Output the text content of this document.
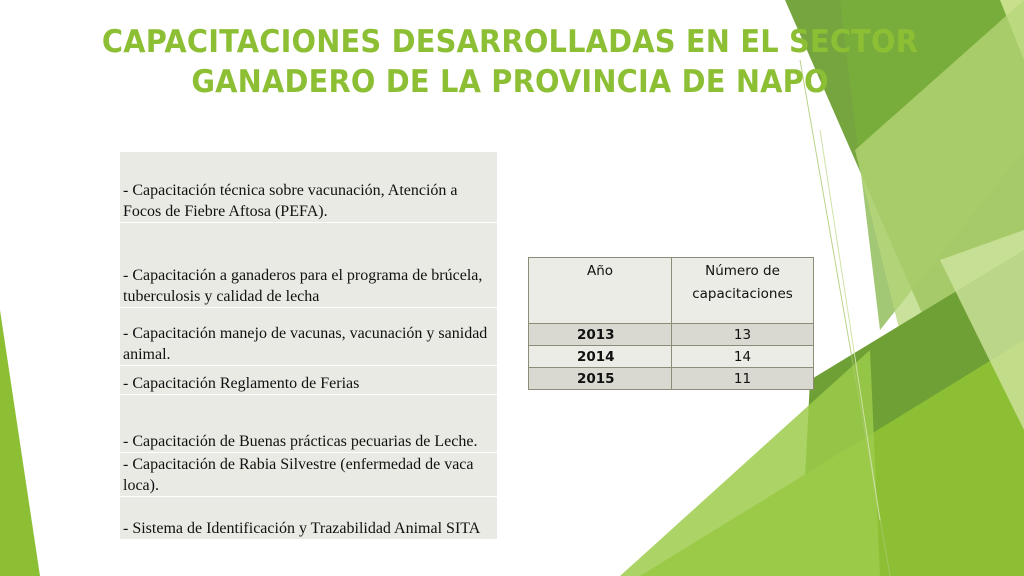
CAPACITACIONES DESARROLLADAS EN EL SECTOR GANADERO DE LA PROVINCIA DE NAPO
- Capacitación técnica sobre vacunación, Atención a Focos de Fiebre Aftosa (PEFA).
- Capacitación a ganaderos para el programa de brúcela, tuberculosis y calidad de lecha
- Capacitación manejo de vacunas, vacunación y sanidad animal.
- Capacitación Reglamento de Ferias
- Capacitación de Buenas prácticas pecuarias de Leche.
- Capacitación de Rabia Silvestre (enfermedad de vaca loca).
- Sistema de Identificación y Trazabilidad Animal SITA
Año	Número de capacitaciones
2013	13
2014	14
2015	11
